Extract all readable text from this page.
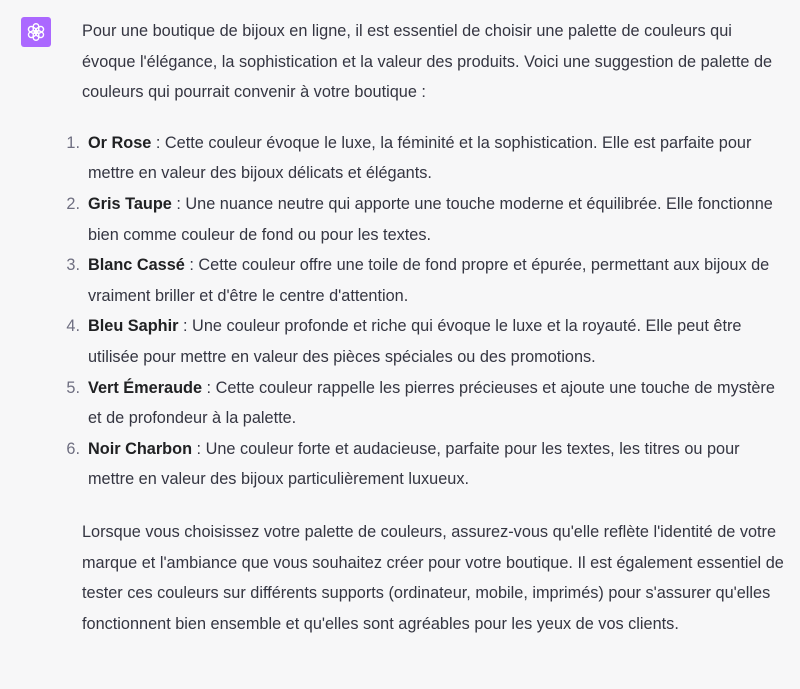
Pour une boutique de bijoux en ligne, il est essentiel de choisir une palette de couleurs qui évoque l'élégance, la sophistication et la valeur des produits. Voici une suggestion de palette de couleurs qui pourrait convenir à votre boutique :

1. Or Rose : Cette couleur évoque le luxe, la féminité et la sophistication. Elle est parfaite pour mettre en valeur des bijoux délicats et élégants.
2. Gris Taupe : Une nuance neutre qui apporte une touche moderne et équilibrée. Elle fonctionne bien comme couleur de fond ou pour les textes.
3. Blanc Cassé : Cette couleur offre une toile de fond propre et épurée, permettant aux bijoux de vraiment briller et d'être le centre d'attention.
4. Bleu Saphir : Une couleur profonde et riche qui évoque le luxe et la royauté. Elle peut être utilisée pour mettre en valeur des pièces spéciales ou des promotions.
5. Vert Émeraude : Cette couleur rappelle les pierres précieuses et ajoute une touche de mystère et de profondeur à la palette.
6. Noir Charbon : Une couleur forte et audacieuse, parfaite pour les textes, les titres ou pour mettre en valeur des bijoux particulièrement luxueux.

Lorsque vous choisissez votre palette de couleurs, assurez-vous qu'elle reflète l'identité de votre marque et l'ambiance que vous souhaitez créer pour votre boutique. Il est également essentiel de tester ces couleurs sur différents supports (ordinateur, mobile, imprimés) pour s'assurer qu'elles fonctionnent bien ensemble et qu'elles sont agréables pour les yeux de vos clients.
